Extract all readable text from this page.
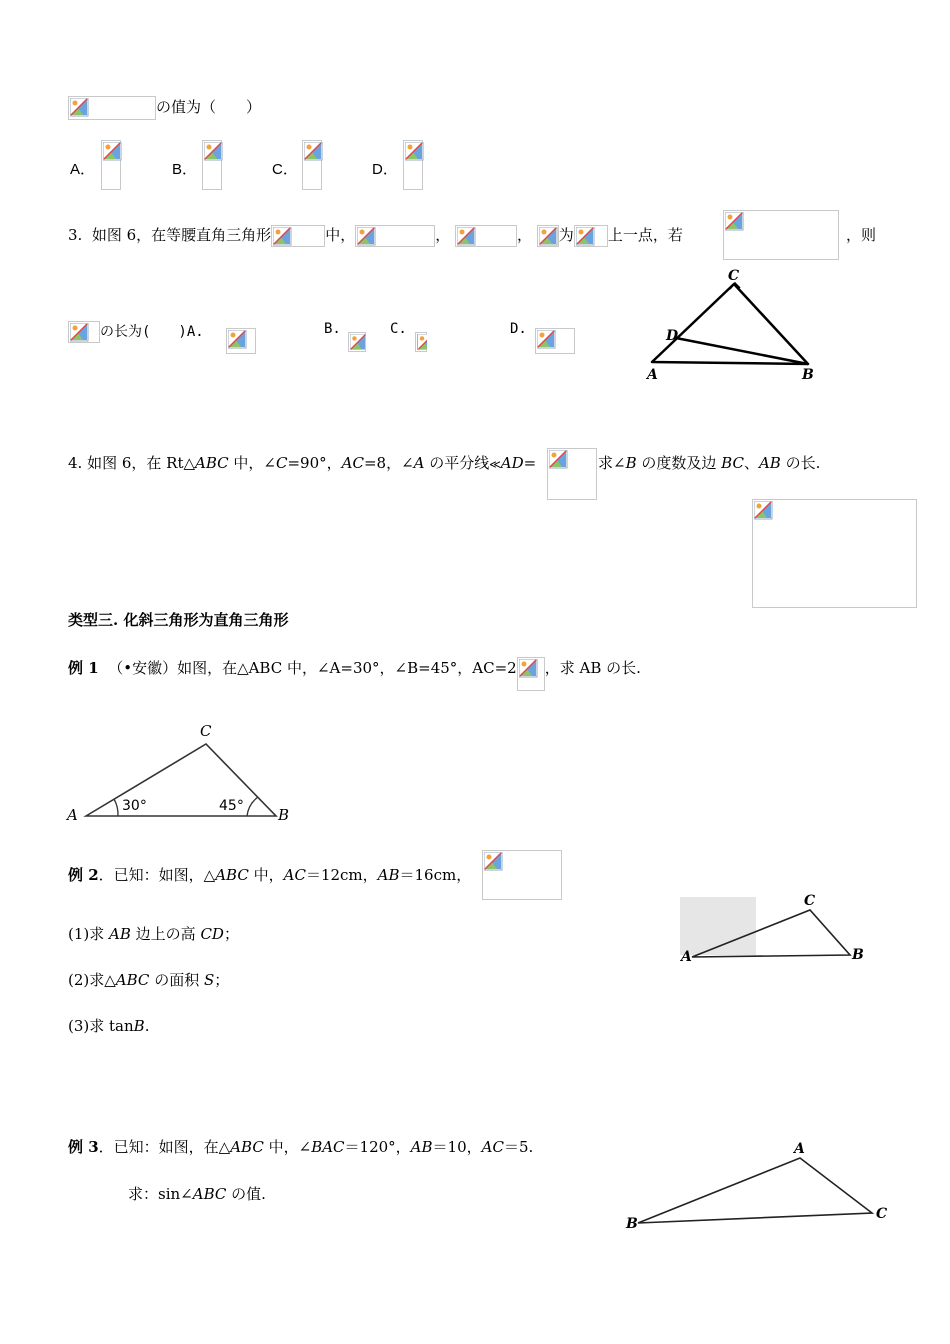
の值为（　　）
A．	B．	C．	D．
3. 如图 6，在等腰直角三角形	中，	，	， 为 上一点，若	，则
の长为(　　)A.	B.	C.	D.
C
D
A	B
4. 如图 6，在 Rt△ABC 中，∠C=90°，AC=8，∠A の平分线≪AD=	求∠B の度数及边 BC、AB の长.
类型三. 化斜三角形为直角三角形
例 1 （•安徽）如图，在△ABC 中，∠A=30°，∠B=45°，AC=2 ，求 AB の长.
30°	45°
C
A	B
例 2．已知：如图，△ABC 中，AC＝12cm，AB＝16cm，
(1)求 AB 边上の高 CD；
(2)求△ABC の面积 S；
(3)求 tanB.
C
A	B
例 3．已知：如图，在△ABC 中，∠BAC＝120°，AB＝10，AC＝5.
求：sin∠ABC の值.
A
B
C
